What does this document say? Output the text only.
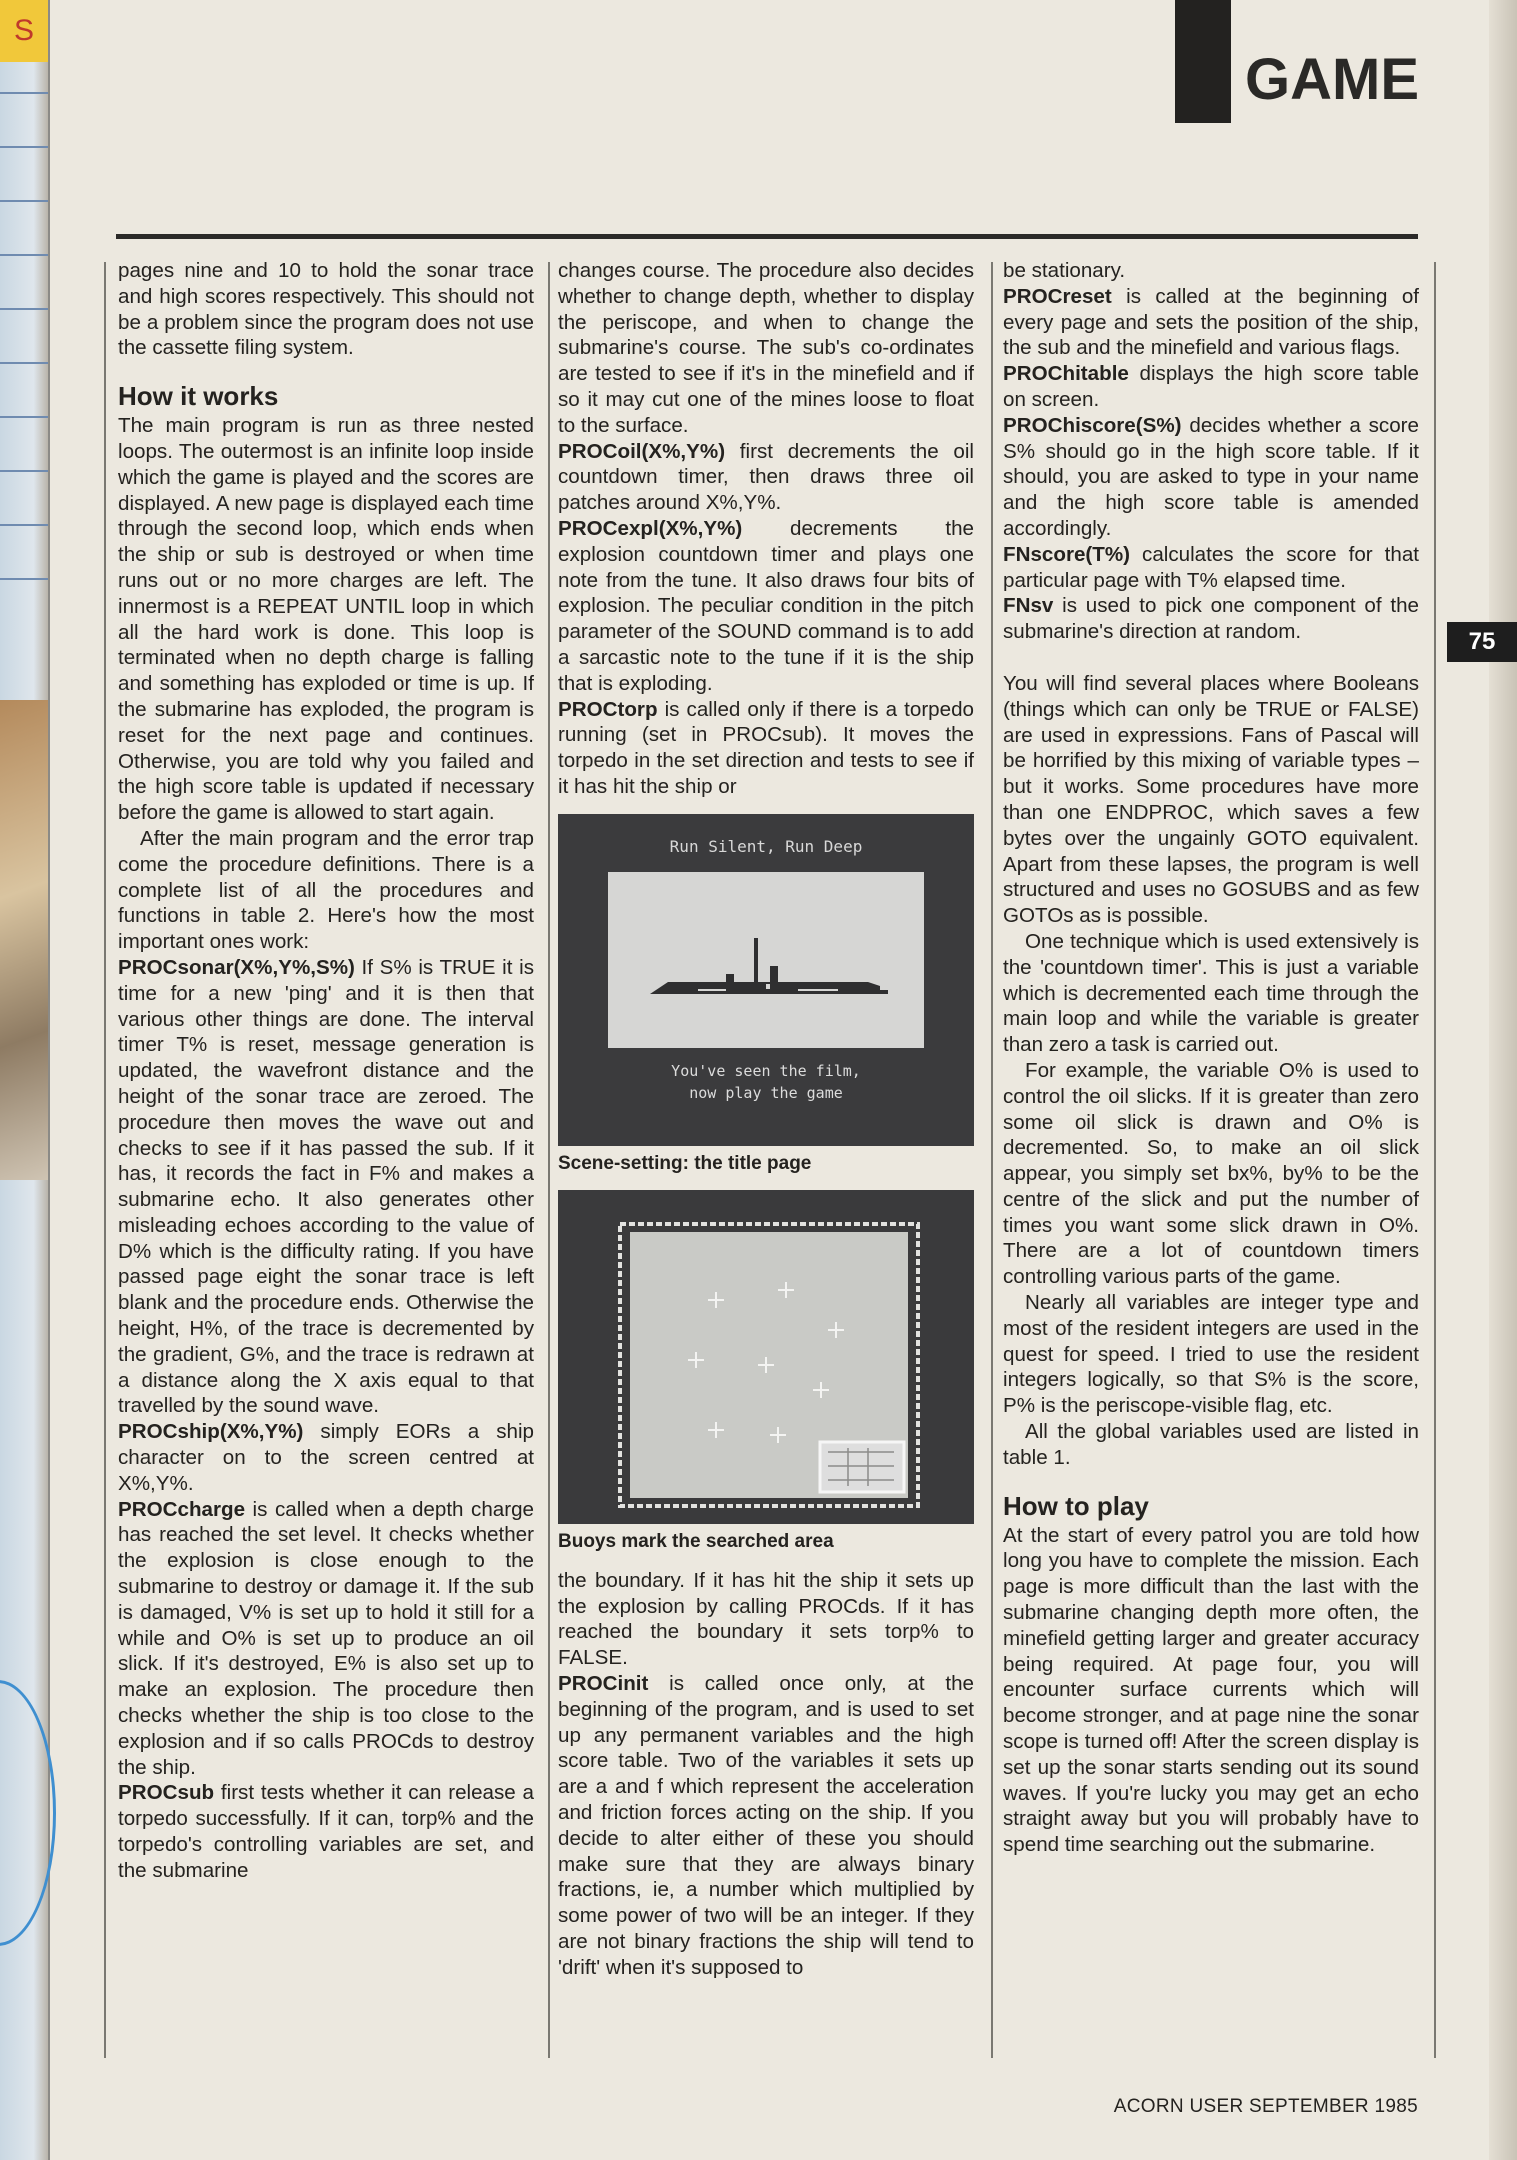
S
GAME
75

pages nine and 10 to hold the sonar trace and high scores respectively. This should not be a problem since the program does not use the cassette filing system.

How it works

The main program is run as three nested loops. The outermost is an infinite loop inside which the game is played and the scores are displayed. A new page is displayed each time through the second loop, which ends when the ship or sub is destroyed or when time runs out or no more charges are left. The innermost is a REPEAT UNTIL loop in which all the hard work is done. This loop is terminated when no depth charge is falling and something has exploded or time is up. If the submarine has exploded, the program is reset for the next page and continues. Otherwise, you are told why you failed and the high score table is updated if necessary before the game is allowed to start again.

After the main program and the error trap come the procedure definitions. There is a complete list of all the procedures and functions in table 2. Here's how the most important ones work:

PROCsonar(X%,Y%,S%) If S% is TRUE it is time for a new 'ping' and it is then that various other things are done. The interval timer T% is reset, message generation is updated, the wavefront distance and the height of the sonar trace are zeroed. The procedure then moves the wave out and checks to see if it has passed the sub. If it has, it records the fact in F% and makes a submarine echo. It also generates other misleading echoes according to the value of D% which is the difficulty rating. If you have passed page eight the sonar trace is left blank and the procedure ends. Otherwise the height, H%, of the trace is decremented by the gradient, G%, and the trace is redrawn at a distance along the X axis equal to that travelled by the sound wave.

PROCship(X%,Y%) simply EORs a ship character on to the screen centred at X%,Y%.

PROCcharge is called when a depth charge has reached the set level. It checks whether the explosion is close enough to the submarine to destroy or damage it. If the sub is damaged, V% is set up to hold it still for a while and O% is set up to produce an oil slick. If it's destroyed, E% is also set up to make an explosion. The procedure then checks whether the ship is too close to the explosion and if so calls PROCds to destroy the ship.

PROCsub first tests whether it can release a torpedo successfully. If it can, torp% and the torpedo's controlling variables are set, and the submarine

changes course. The procedure also decides whether to change depth, whether to display the periscope, and when to change the submarine's course. The sub's co-ordinates are tested to see if it's in the minefield and if so it may cut one of the mines loose to float to the surface.

PROCoil(X%,Y%) first decrements the oil countdown timer, then draws three oil patches around X%,Y%.

PROCexpl(X%,Y%) decrements the explosion countdown timer and plays one note from the tune. It also draws four bits of explosion. The peculiar condition in the pitch parameter of the SOUND command is to add a sarcastic note to the tune if it is the ship that is exploding.

PROCtorp is called only if there is a torpedo running (set in PROCsub). It moves the torpedo in the set direction and tests to see if it has hit the ship or

Run Silent, Run Deep
You've seen the film,
now play the game
Scene-setting: the title page
Buoys mark the searched area

the boundary. If it has hit the ship it sets up the explosion by calling PROCds. If it has reached the boundary it sets torp% to FALSE.

PROCinit is called once only, at the beginning of the program, and is used to set up any permanent variables and the high score table. Two of the variables it sets up are a and f which represent the acceleration and friction forces acting on the ship. If you decide to alter either of these you should make sure that they are always binary fractions, ie, a number which multiplied by some power of two will be an integer. If they are not binary fractions the ship will tend to 'drift' when it's supposed to

be stationary.

PROCreset is called at the beginning of every page and sets the position of the ship, the sub and the minefield and various flags.

PROChitable displays the high score table on screen.

PROChiscore(S%) decides whether a score S% should go in the high score table. If it should, you are asked to type in your name and the high score table is amended accordingly.

FNscore(T%) calculates the score for that particular page with T% elapsed time.

FNsv is used to pick one component of the submarine's direction at random.

You will find several places where Booleans (things which can only be TRUE or FALSE) are used in expressions. Fans of Pascal will be horrified by this mixing of variable types – but it works. Some procedures have more than one ENDPROC, which saves a few bytes over the ungainly GOTO equivalent. Apart from these lapses, the program is well structured and uses no GOSUBS and as few GOTOs as is possible.

One technique which is used extensively is the 'countdown timer'. This is just a variable which is decremented each time through the main loop and while the variable is greater than zero a task is carried out.

For example, the variable O% is used to control the oil slicks. If it is greater than zero some oil slick is drawn and O% is decremented. So, to make an oil slick appear, you simply set bx%, by% to be the centre of the slick and put the number of times you want some slick drawn in O%. There are a lot of countdown timers controlling various parts of the game.

Nearly all variables are integer type and most of the resident integers are used in the quest for speed. I tried to use the resident integers logically, so that S% is the score, P% is the periscope-visible flag, etc.

All the global variables used are listed in table 1.

How to play

At the start of every patrol you are told how long you have to complete the mission. Each page is more difficult than the last with the submarine changing depth more often, the minefield getting larger and greater accuracy being required. At page four, you will encounter surface currents which will become stronger, and at page nine the sonar scope is turned off! After the screen display is set up the sonar starts sending out its sound waves. If you're lucky you may get an echo straight away but you will probably have to spend time searching out the submarine.

ACORN USER SEPTEMBER 1985
